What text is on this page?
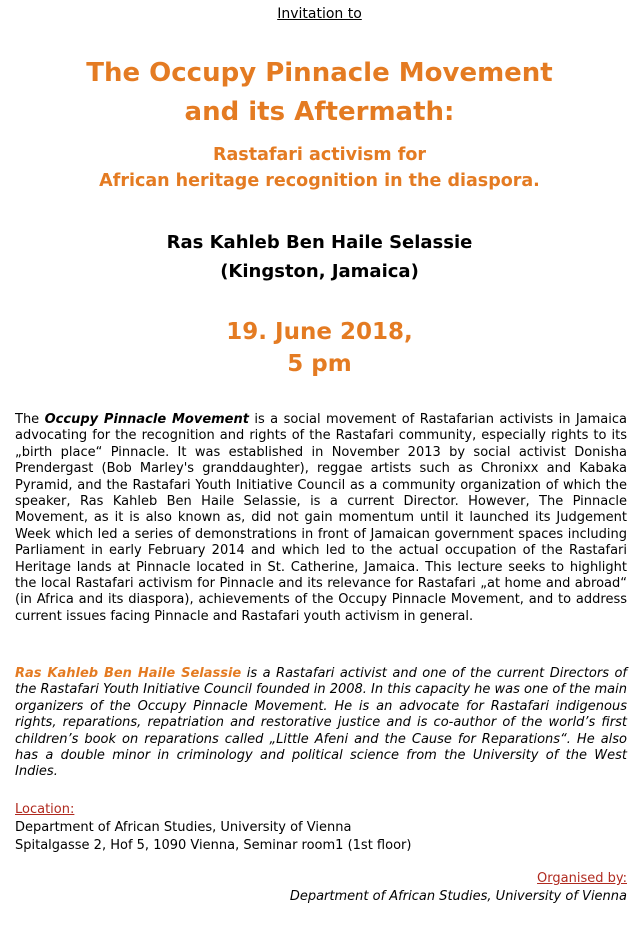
Invitation to
The Occupy Pinnacle Movement
and its Aftermath:
Rastafari activism for
African heritage recognition in the diaspora.
Ras Kahleb Ben Haile Selassie
(Kingston, Jamaica)
19. June 2018,
5 pm

The Occupy Pinnacle Movement is a social movement of Rastafarian activists in Jamaica advocating for the recognition and rights of the Rastafari community, especially rights to its „birth place“ Pinnacle. It was established in November 2013 by social activist Donisha Prendergast (Bob Marley's granddaughter), reggae artists such as Chronixx and Kabaka Pyramid, and the Rastafari Youth Initiative Council as a community organization of which the speaker, Ras Kahleb Ben Haile Selassie, is a current Director. However, The Pinnacle Movement, as it is also known as, did not gain momentum until it launched its Judgement Week which led a series of demonstrations in front of Jamaican government spaces including Parliament in early February 2014 and which led to the actual occupation of the Rastafari Heritage lands at Pinnacle located in St. Catherine, Jamaica. This lecture seeks to highlight the local Rastafari activism for Pinnacle and its relevance for Rastafari „at home and abroad“ (in Africa and its diaspora), achievements of the Occupy Pinnacle Movement, and to address current issues facing Pinnacle and Rastafari youth activism in general.

Ras Kahleb Ben Haile Selassie is a Rastafari activist and one of the current Directors of the Rastafari Youth Initiative Council founded in 2008. In this capacity he was one of the main organizers of the Occupy Pinnacle Movement. He is an advocate for Rastafari indigenous rights, reparations, repatriation and restorative justice and is co-author of the world’s first children’s book on reparations called „Little Afeni and the Cause for Reparations“. He also has a double minor in criminology and political science from the University of the West Indies.

Location:
Department of African Studies, University of Vienna
Spitalgasse 2, Hof 5, 1090 Vienna, Seminar room1 (1st floor)
Organised by:
Department of African Studies, University of Vienna
